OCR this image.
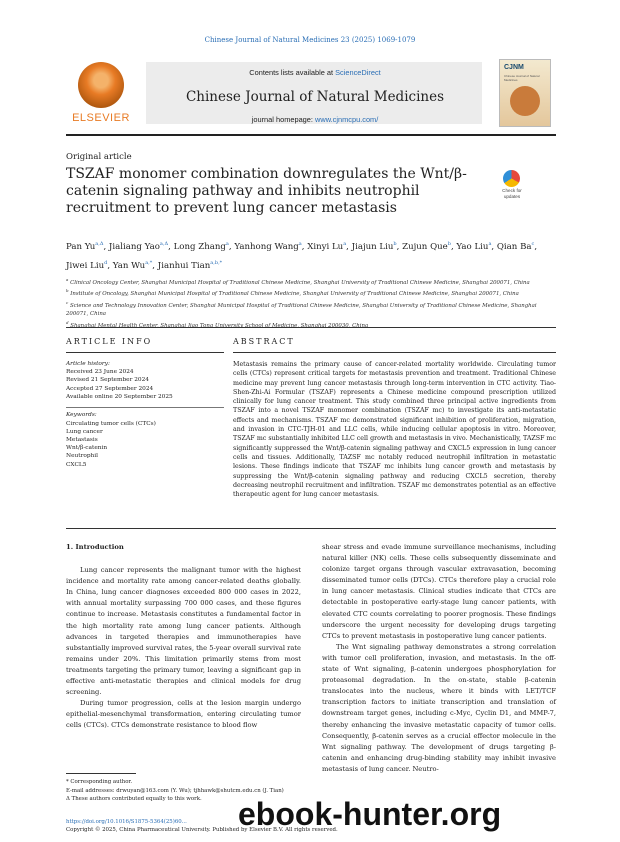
Chinese Journal of Natural Medicines 23 (2025) 1069-1079
ELSEVIER
Contents lists available at ScienceDirect
Chinese Journal of Natural Medicines
journal homepage: www.cjnmcpu.com/
CJNM
Chinese Journal of Natural Medicines
Original article
TSZAF monomer combination downregulates the Wnt/β-catenin signaling pathway and inhibits neutrophil recruitment to prevent lung cancer metastasis
Check for updates
Pan $Yu^{a,\Delta}$, Jialiang Yao$^{a,\Delta}$, Long Zhang$^a$, Yanhong Wang$^a$, Xinyi Lu$^a$, Jiajun Liu$^b$, Zujun Que$^b$, Yao Liu$^a$, Qian Ba$^c$, Jiwei Liu$^d$, Yan $Wu^{a,*}$, Jianhui Tian$^{a,b,*}$
$^a$ Clinical Oncology Center, Shanghai Municipal Hospital of Traditional Chinese Medicine, Shanghai University of Traditional Chinese Medicine, Shanghai 200071, China
$^b$ Institute of Oncology, Shanghai Municipal Hospital of Traditional Chinese Medicine, Shanghai University of Traditional Chinese Medicine, Shanghai 200071, China
$^c$ Science and Technology Innovation Center, Shanghai Municipal Hospital of Traditional Chinese Medicine, Shanghai University of Traditional Chinese Medicine, Shanghai 200071, China
$^d$ Shanghai Mental Health Center, Shanghai Jiao Tong University School of Medicine, Shanghai 200030, China
ARTICLE INFO	ABSTRACT
Article history:
Received 23 June 2024
Revised 21 September 2024
Accepted 27 September 2024
Available online 20 September 2025
Keywords:
Circulating tumor cells (CTCs)
Lung cancer
Metastasis
Wnt/β-catenin
Neutrophil
CXCL5
Metastasis remains the primary cause of cancer-related mortality worldwide. Circulating tumor cells (CTCs) represent critical targets for metastasis prevention and treatment. Traditional Chinese medicine may prevent lung cancer metastasis through long-term intervention in CTC activity. Tiao-Shen-Zhi-Ai Formular (TSZAF) represents a Chinese medicine compound prescription utilized clinically for lung cancer treatment. This study combined three principal active ingredients from TSZAF into a novel TSZAF monomer combination (TSZAF mc) to investigate its anti-metastatic effects and mechanisms. TSZAF mc demonstrated significant inhibition of proliferation, migration, and invasion in CTC-TJH-01 and LLC cells, while inducing cellular apoptosis in vitro. Moreover, TSZAF mc substantially inhibited LLC cell growth and metastasis in vivo. Mechanistically, TAZSF mc significantly suppressed the Wnt/β-catenin signaling pathway and CXCL5 expression in lung cancer cells and tissues. Additionally, TAZSF mc notably reduced neutrophil infiltration in metastatic lesions. These findings indicate that TSZAF mc inhibits lung cancer growth and metastasis by suppressing the Wnt/β-catenin signaling pathway and reducing CXCL5 secretion, thereby decreasing neutrophil recruitment and infiltration. TSZAF mc demonstrates potential as an effective therapeutic agent for lung cancer metastasis.
1. Introduction

Lung cancer represents the malignant tumor with the highest incidence and mortality rate among cancer-related deaths globally. In China, lung cancer diagnoses exceeded 800 000 cases in 2022, with annual mortality surpassing 700 000 cases, and these figures continue to increase. Metastasis constitutes a fundamental factor in the high mortality rate among lung cancer patients. Although advances in targeted therapies and immunotherapies have substantially improved survival rates, the 5-year overall survival rate remains under 20%. This limitation primarily stems from most treatments targeting the primary tumor, leaving a significant gap in effective anti-metastatic therapies and clinical models for drug screening.

During tumor progression, cells at the lesion margin undergo epithelial-mesenchymal transformation, entering circulating tumor cells (CTCs). CTCs demonstrate resistance to blood flow

shear stress and evade immune surveillance mechanisms, including natural killer (NK) cells. These cells subsequently disseminate and colonize target organs through vascular extravasation, becoming disseminated tumor cells (DTCs). CTCs therefore play a crucial role in lung cancer metastasis. Clinical studies indicate that CTCs are detectable in postoperative early-stage lung cancer patients, with elevated CTC counts correlating to poorer prognosis. These findings underscore the urgent necessity for developing drugs targeting CTCs to prevent metastasis in postoperative lung cancer patients.

The Wnt signaling pathway demonstrates a strong correlation with tumor cell proliferation, invasion, and metastasis. In the off-state of Wnt signaling, β-catenin undergoes phosphorylation for proteasomal degradation. In the on-state, stable β-catenin translocates into the nucleus, where it binds with LET/TCF transcription factors to initiate transcription and translation of downstream target genes, including c-Myc, Cyclin D1, and MMP-7, thereby enhancing the invasive metastatic capacity of tumor cells. Consequently, β-catenin serves as a crucial effector molecule in the Wnt signaling pathway. The development of drugs targeting β-catenin and enhancing drug-binding stability may inhibit invasive metastasis of lung cancer. Neutro-

* Corresponding author.
E-mail addresses: drwuyan@163.com (Y. Wu); tjhhawk@shutcm.edu.cn (J. Tian)
Δ These authors contributed equally to this work.
https://doi.org/10.1016/S1875-5364(25)60...
Copyright © 2025, China Pharmaceutical University. Published by Elsevier B.V. All rights reserved.
ebook-hunter.org
